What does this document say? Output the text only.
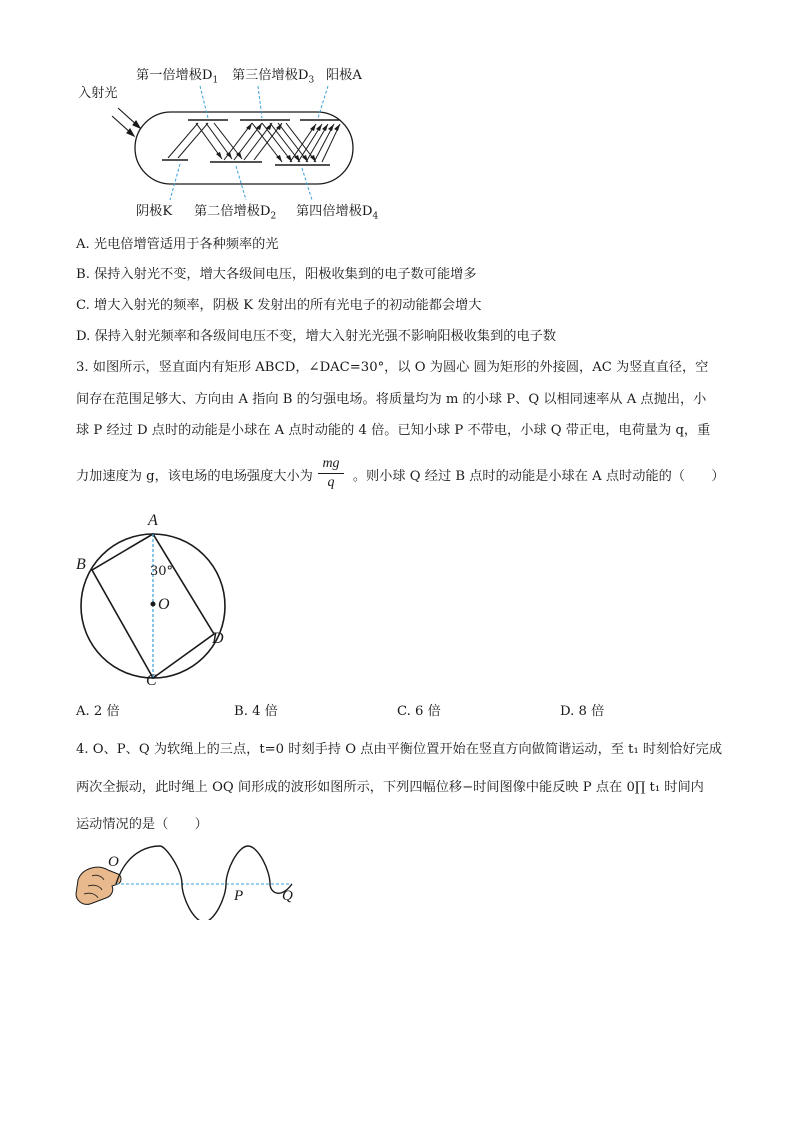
入射光
第一倍增极$D_1$ 第三倍增极$D_3$ 阳极A
阴极K 第二倍增极$D_2$ 第四倍增极$D_4$
A. 光电倍增管适用于各种频率的光
B. 保持入射光不变，增大各级间电压，阳极收集到的电子数可能增多
C. 增大入射光的频率，阴极 K 发射出的所有光电子的初动能都会增大
D. 保持入射光频率和各级间电压不变，增大入射光光强不影响阳极收集到的电子数
3. 如图所示，竖直面内有矩形 ABCD，∠DAC=30°，以 O 为圆心 圆为矩形的外接圆，AC 为竖直直径，空
间存在范围足够大、方向由 A 指向 B 的匀强电场。将质量均为 m 的小球 P、Q 以相同速率从 A 点抛出，小
球 P 经过 D 点时的动能是小球在 A 点时动能的 4 倍。已知小球 P 不带电，小球 Q 带正电，电荷量为 q，重
力加速度为 g，该电场的电场强度大小为	。则小球 Q 经过 B 点时的动能是小球在 A 点时动能的（　　）
mg
q
A
B
C
D
O
30°
A. 2 倍	B. 4 倍	C. 6 倍	D. 8 倍
4. O、P、Q 为软绳上的三点，t=0 时刻手持 O 点由平衡位置开始在竖直方向做简谐运动，至 t₁ 时刻恰好完成
两次全振动，此时绳上 OQ 间形成的波形如图所示，下列四幅位移−时间图像中能反映 P 点在 0∏ t₁ 时间内
运动情况的是（　　）
O
P	Q
